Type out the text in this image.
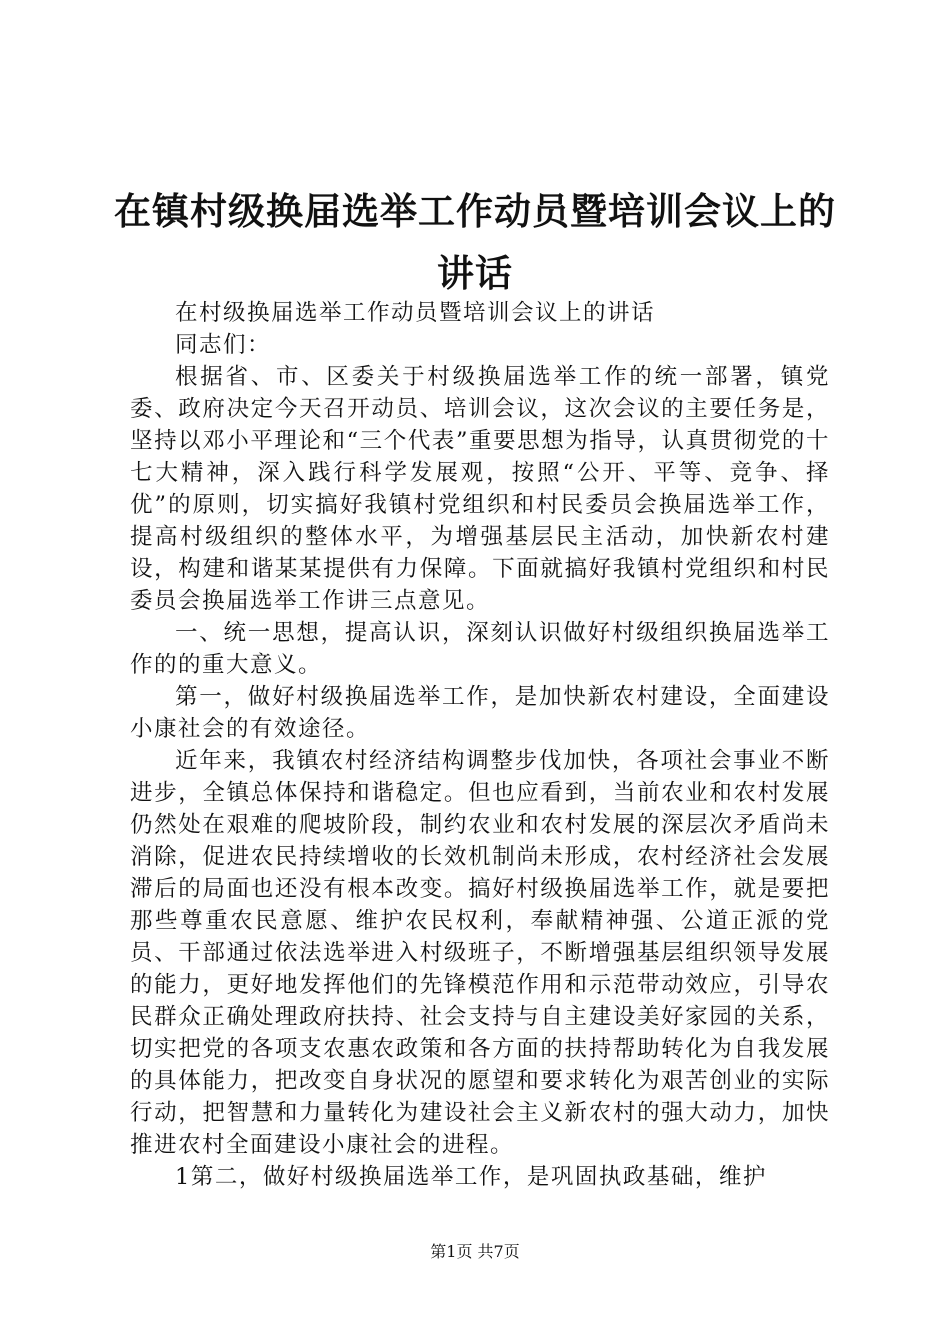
在镇村级换届选举工作动员暨培训会议上的讲话

在村级换届选举工作动员暨培训会议上的讲话

同志们：

根据省、市、区委关于村级换届选举工作的统一部署，镇党委、政府决定今天召开动员、培训会议，这次会议的主要任务是，坚持以邓小平理论和“三个代表”重要思想为指导，认真贯彻党的十七大精神，深入践行科学发展观，按照“公开、平等、竞争、择优”的原则，切实搞好我镇村党组织和村民委员会换届选举工作，提高村级组织的整体水平，为增强基层民主活动，加快新农村建设，构建和谐某某提供有力保障。下面就搞好我镇村党组织和村民委员会换届选举工作讲三点意见。

一、统一思想，提高认识，深刻认识做好村级组织换届选举工作的的重大意义。

第一，做好村级换届选举工作，是加快新农村建设，全面建设小康社会的有效途径。

近年来，我镇农村经济结构调整步伐加快，各项社会事业不断进步，全镇总体保持和谐稳定。但也应看到，当前农业和农村发展仍然处在艰难的爬坡阶段，制约农业和农村发展的深层次矛盾尚未消除，促进农民持续增收的长效机制尚未形成，农村经济社会发展滞后的局面也还没有根本改变。搞好村级换届选举工作，就是要把那些尊重农民意愿、维护农民权利，奉献精神强、公道正派的党员、干部通过依法选举进入村级班子，不断增强基层组织领导发展的能力，更好地发挥他们的先锋模范作用和示范带动效应，引导农民群众正确处理政府扶持、社会支持与自主建设美好家园的关系，切实把党的各项支农惠农政策和各方面的扶持帮助转化为自我发展的具体能力，把改变自身状况的愿望和要求转化为艰苦创业的实际行动，把智慧和力量转化为建设社会主义新农村的强大动力，加快推进农村全面建设小康社会的进程。

1第二，做好村级换届选举工作，是巩固执政基础，维护

第1页 共7页
